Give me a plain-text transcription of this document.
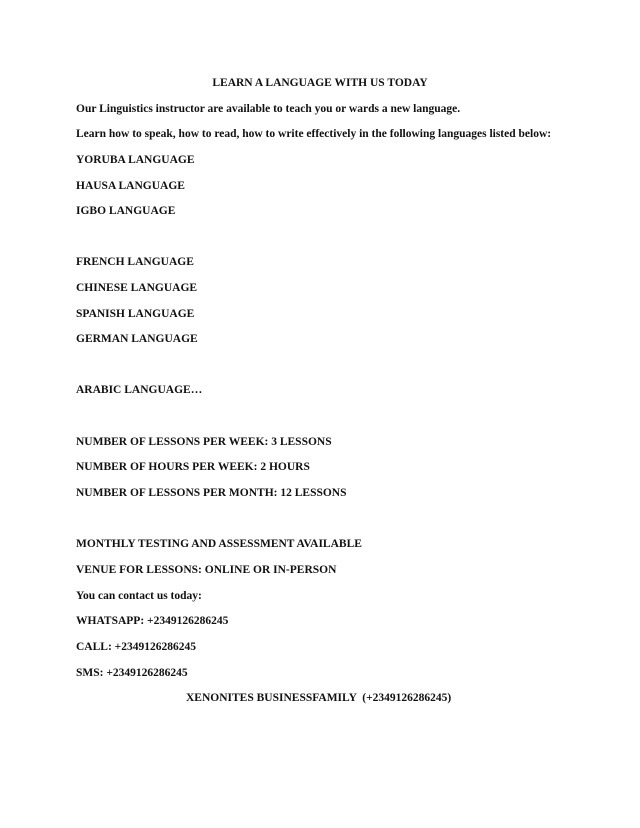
LEARN A LANGUAGE WITH US TODAY
Our Linguistics instructor are available to teach you or wards a new language.
Learn how to speak, how to read, how to write effectively in the following languages listed below:
YORUBA LANGUAGE
HAUSA LANGUAGE
IGBO LANGUAGE
FRENCH LANGUAGE
CHINESE LANGUAGE
SPANISH LANGUAGE
GERMAN LANGUAGE
ARABIC LANGUAGE…
NUMBER OF LESSONS PER WEEK: 3 LESSONS
NUMBER OF HOURS PER WEEK: 2 HOURS
NUMBER OF LESSONS PER MONTH: 12 LESSONS
MONTHLY TESTING AND ASSESSMENT AVAILABLE
VENUE FOR LESSONS: ONLINE OR IN-PERSON
You can contact us today:
WHATSAPP: +2349126286245
CALL: +2349126286245
SMS: +2349126286245
XENONITES BUSINESSFAMILY  (+2349126286245)
